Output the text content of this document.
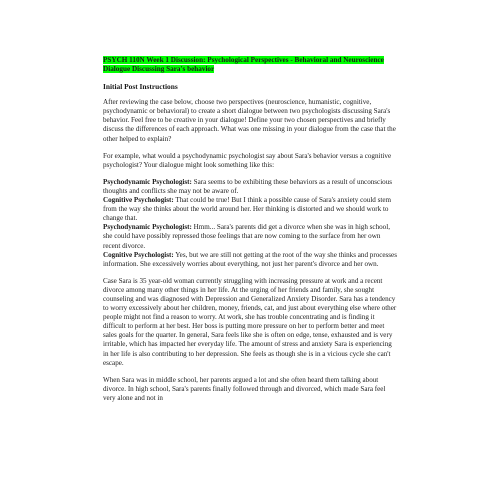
PSYCH 110N Week 1 Discussion: Psychological Perspectives - Behavioral and Neuroscience Dialogue Discussing Sara's behavior
Initial Post Instructions

After reviewing the case below, choose two perspectives (neuroscience, humanistic, cognitive, psychodynamic or behavioral) to create a short dialogue between two psychologists discussing Sara's behavior. Feel free to be creative in your dialogue! Define your two chosen perspectives and briefly discuss the differences of each approach. What was one missing in your dialogue from the case that the other helped to explain?

For example, what would a psychodynamic psychologist say about Sara's behavior versus a cognitive psychologist? Your dialogue might look something like this:

Psychodynamic Psychologist: Sara seems to be exhibiting these behaviors as a result of unconscious thoughts and conflicts she may not be aware of.

Cognitive Psychologist: That could be true! But I think a possible cause of Sara's anxiety could stem from the way she thinks about the world around her. Her thinking is distorted and we should work to change that.

Psychodynamic Psychologist: Hmm... Sara's parents did get a divorce when she was in high school, she could have possibly repressed those feelings that are now coming to the surface from her own recent divorce.

Cognitive Psychologist: Yes, but we are still not getting at the root of the way she thinks and processes information. She excessively worries about everything, not just her parent's divorce and her own.

Case Sara is 35 year-old woman currently struggling with increasing pressure at work and a recent divorce among many other things in her life. At the urging of her friends and family, she sought counseling and was diagnosed with Depression and Generalized Anxiety Disorder. Sara has a tendency to worry excessively about her children, money, friends, cat, and just about everything else where other people might not find a reason to worry. At work, she has trouble concentrating and is finding it difficult to perform at her best. Her boss is putting more pressure on her to perform better and meet sales goals for the quarter. In general, Sara feels like she is often on edge, tense, exhausted and is very irritable, which has impacted her everyday life. The amount of stress and anxiety Sara is experiencing in her life is also contributing to her depression. She feels as though she is in a vicious cycle she can't escape.

When Sara was in middle school, her parents argued a lot and she often heard them talking about divorce. In high school, Sara's parents finally followed through and divorced, which made Sara feel very alone and not in
